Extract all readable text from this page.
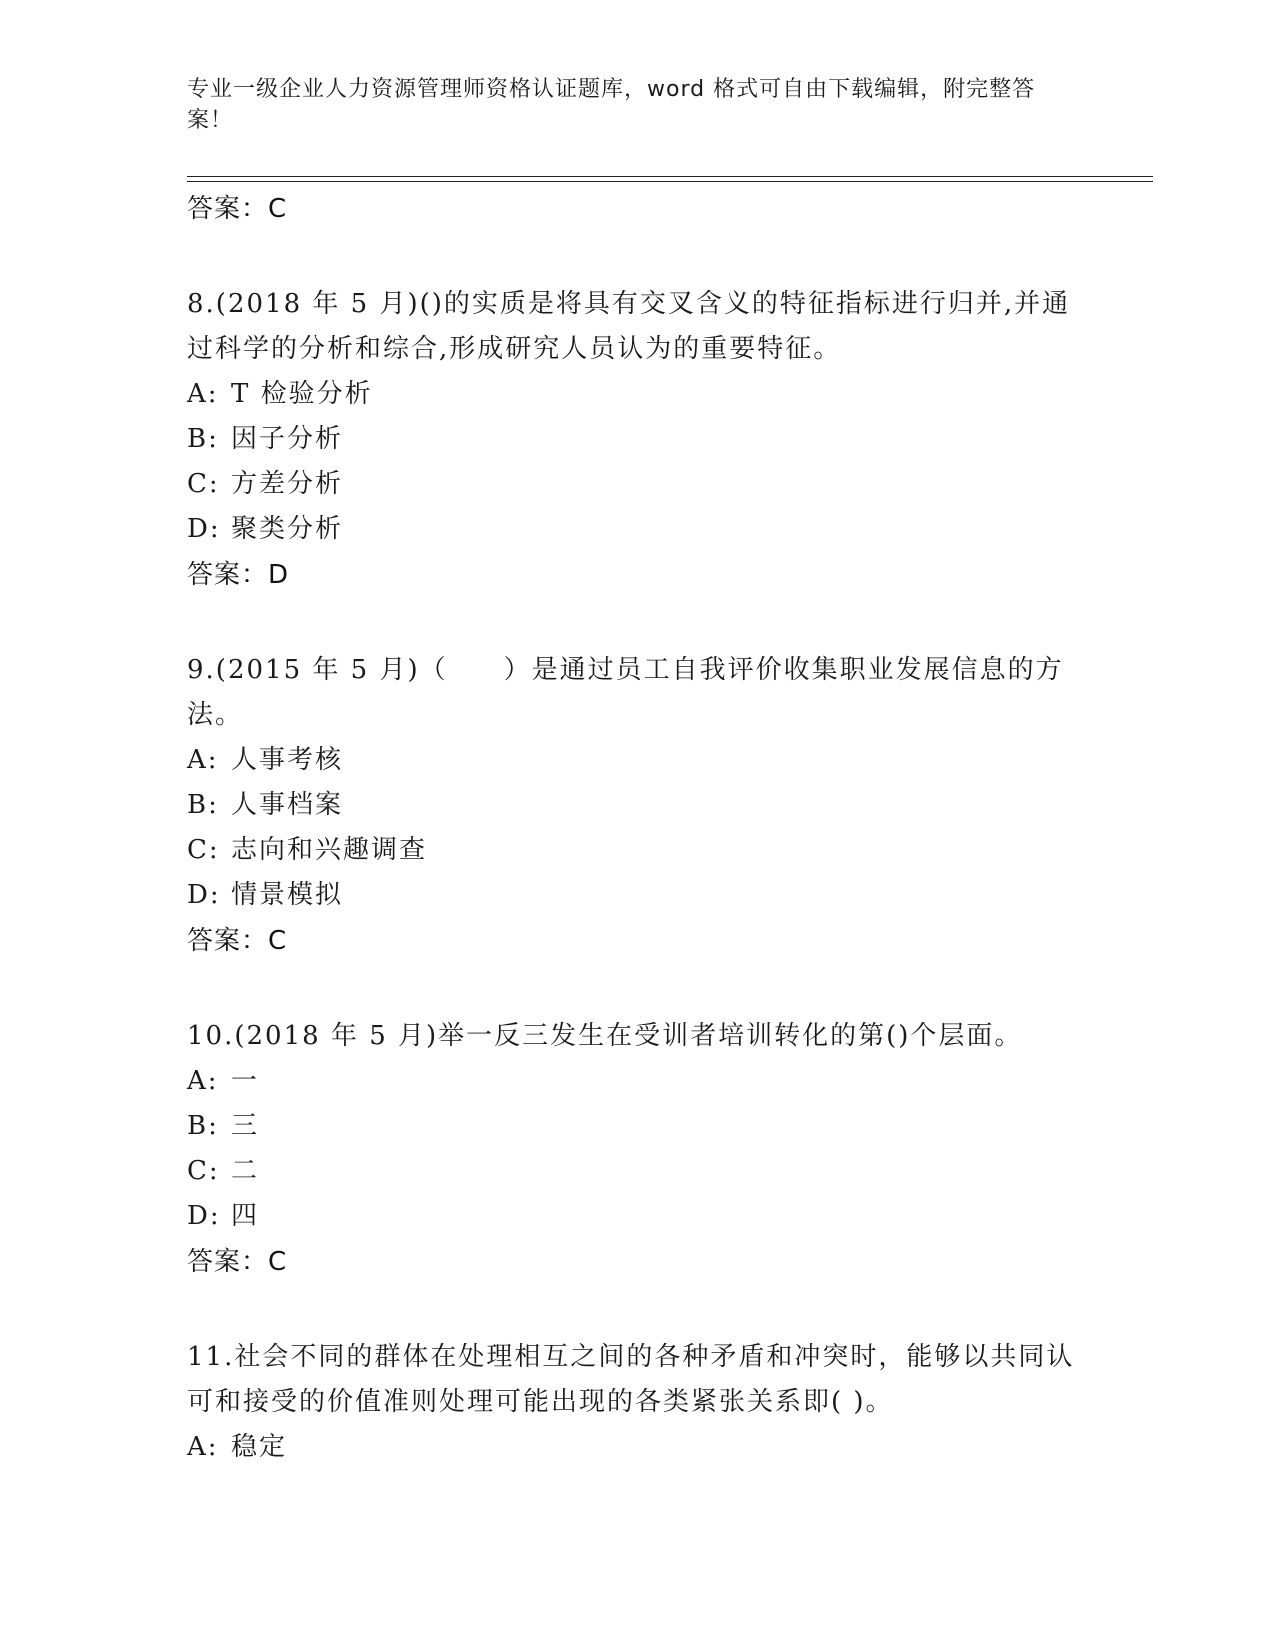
专业一级企业人力资源管理师资格认证题库，word 格式可自由下载编辑，附完整答案！
答案：C
8.(2018 年 5 月)()的实质是将具有交叉含义的特征指标进行归并,并通过科学的分析和综合,形成研究人员认为的重要特征。
A: T 检验分析
B: 因子分析
C: 方差分析
D: 聚类分析
答案：D
9.(2015 年 5 月)（　　）是通过员工自我评价收集职业发展信息的方法。
A: 人事考核
B: 人事档案
C: 志向和兴趣调查
D: 情景模拟
答案：C
10.(2018 年 5 月)举一反三发生在受训者培训转化的第()个层面。
A: 一
B: 三
C: 二
D: 四
答案：C
11.社会不同的群体在处理相互之间的各种矛盾和冲突时，能够以共同认可和接受的价值准则处理可能出现的各类紧张关系即( )。
A: 稳定
